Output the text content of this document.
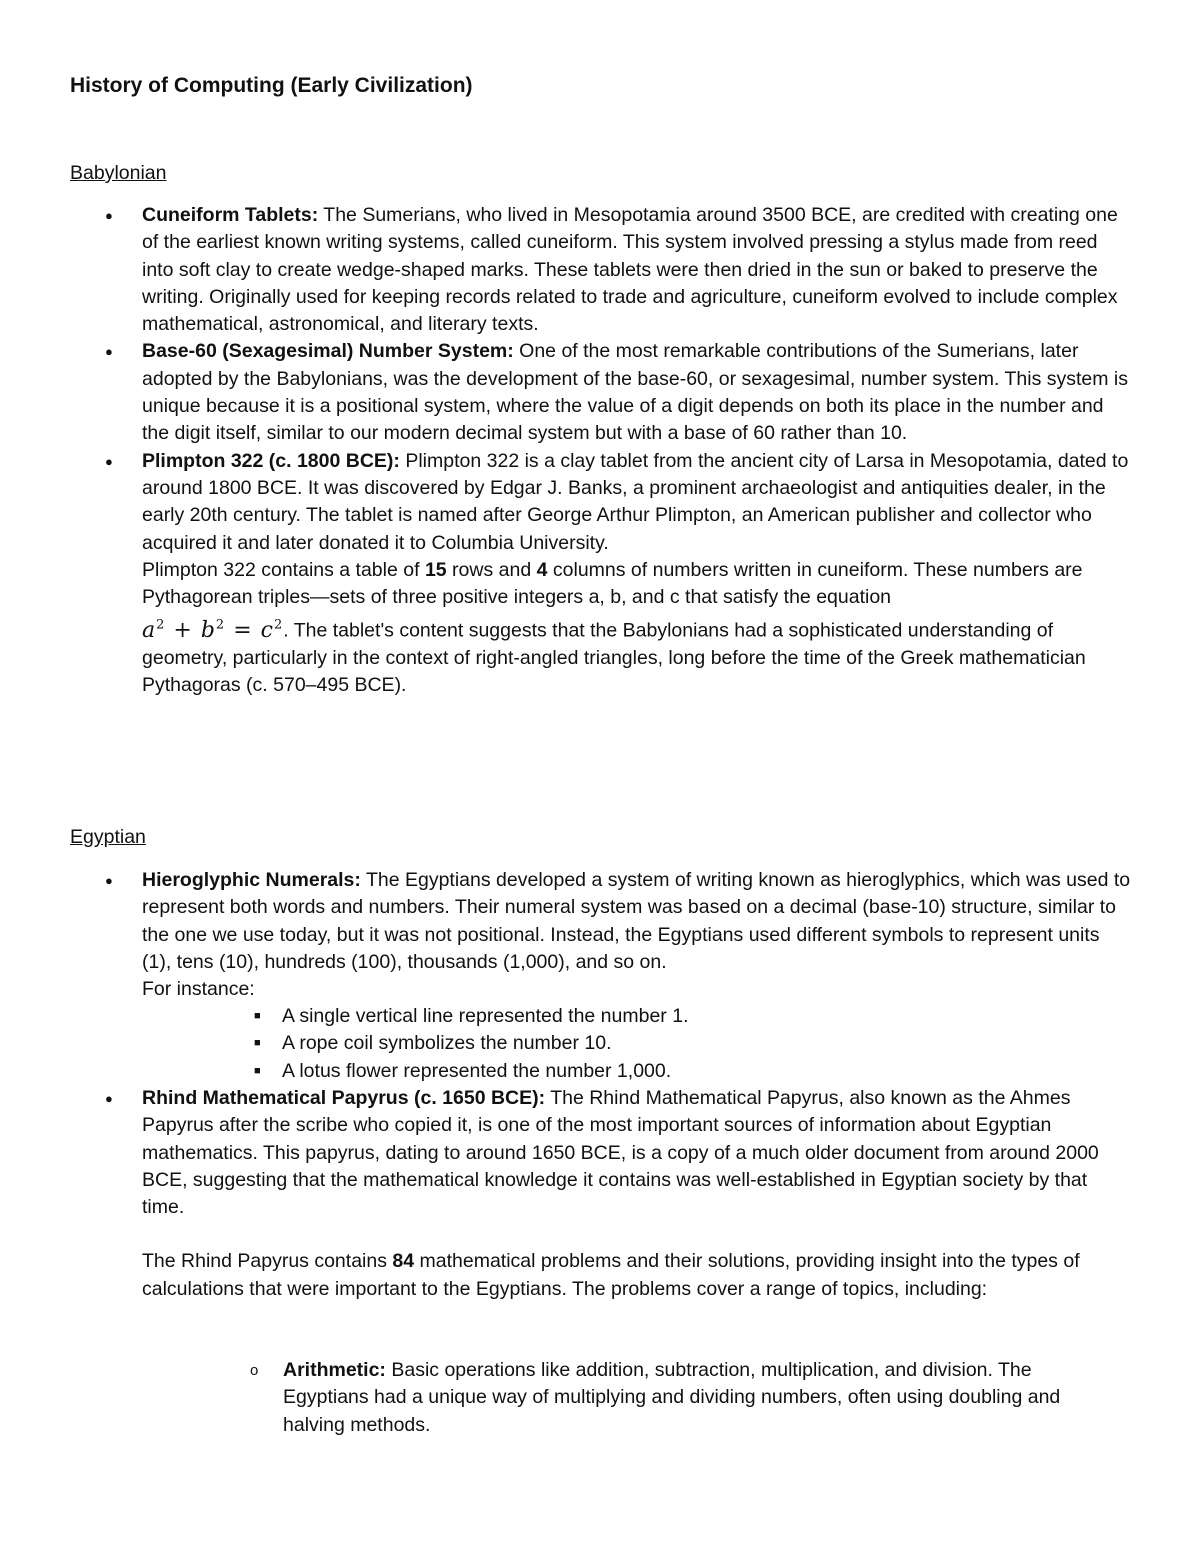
History of Computing (Early Civilization)
Babylonian
● Cuneiform Tablets: The Sumerians, who lived in Mesopotamia around 3500 BCE, are credited with creating one of the earliest known writing systems, called cuneiform. This system involved pressing a stylus made from reed into soft clay to create wedge-shaped marks. These tablets were then dried in the sun or baked to preserve the writing. Originally used for keeping records related to trade and agriculture, cuneiform evolved to include complex mathematical, astronomical, and literary texts.
● Base-60 (Sexagesimal) Number System: One of the most remarkable contributions of the Sumerians, later adopted by the Babylonians, was the development of the base-60, or sexagesimal, number system. This system is unique because it is a positional system, where the value of a digit depends on both its place in the number and the digit itself, similar to our modern decimal system but with a base of 60 rather than 10.
● Plimpton 322 (c. 1800 BCE): Plimpton 322 is a clay tablet from the ancient city of Larsa in Mesopotamia, dated to around 1800 BCE. It was discovered by Edgar J. Banks, a prominent archaeologist and antiquities dealer, in the early 20th century. The tablet is named after George Arthur Plimpton, an American publisher and collector who acquired it and later donated it to Columbia University.

Plimpton 322 contains a table of 15 rows and 4 columns of numbers written in cuneiform. These numbers are Pythagorean triples—sets of three positive integers a, b, and c that satisfy the equation
$a^2 + b^2 = c^2$. The tablet's content suggests that the Babylonians had a sophisticated understanding of geometry, particularly in the context of right-angled triangles, long before the time of the Greek mathematician Pythagoras (c. 570–495 BCE).

Egyptian
● Hieroglyphic Numerals: The Egyptians developed a system of writing known as hieroglyphics, which was used to represent both words and numbers. Their numeral system was based on a decimal (base-10) structure, similar to the one we use today, but it was not positional. Instead, the Egyptians used different symbols to represent units (1), tens (10), hundreds (100), thousands (1,000), and so on.

For instance:

■ A single vertical line represented the number 1.
■ A rope coil symbolizes the number 10.
■ A lotus flower represented the number 1,000.
● Rhind Mathematical Papyrus (c. 1650 BCE): The Rhind Mathematical Papyrus, also known as the Ahmes Papyrus after the scribe who copied it, is one of the most important sources of information about Egyptian mathematics. This papyrus, dating to around 1650 BCE, is a copy of a much older document from around 2000 BCE, suggesting that the mathematical knowledge it contains was well-established in Egyptian society by that time.

The Rhind Papyrus contains 84 mathematical problems and their solutions, providing insight into the types of calculations that were important to the Egyptians. The problems cover a range of topics, including:

o Arithmetic: Basic operations like addition, subtraction, multiplication, and division. The Egyptians had a unique way of multiplying and dividing numbers, often using doubling and halving methods.
